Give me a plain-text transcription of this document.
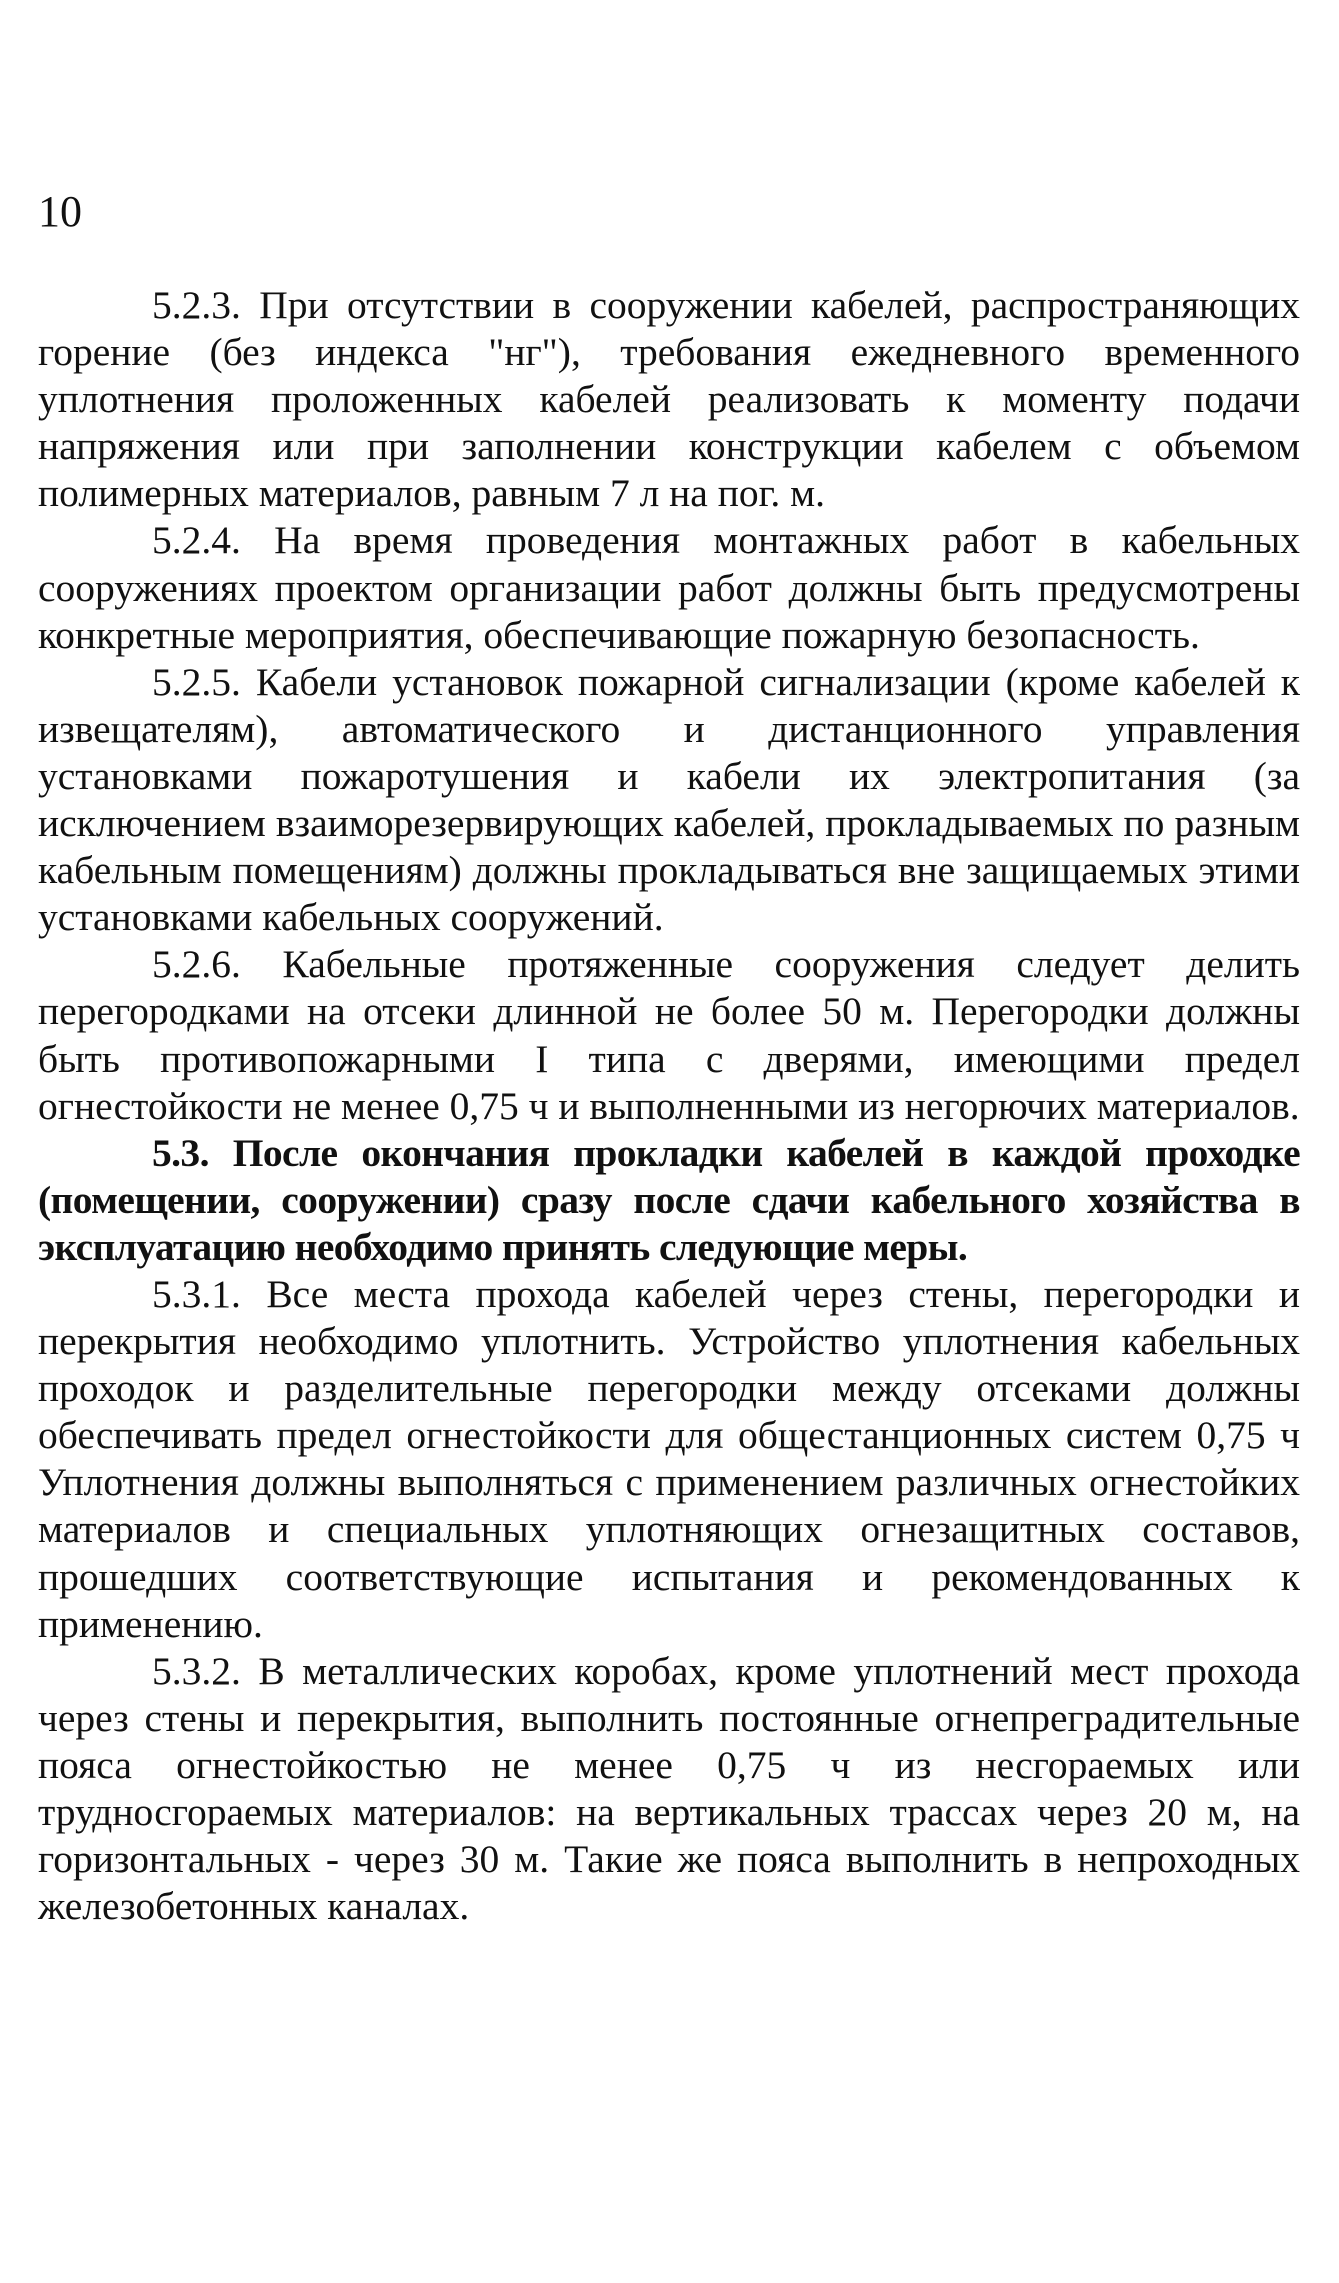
10

5.2.3. При отсутствии в сооружении кабелей, распространяющих горение (без индекса "нг"), требования ежедневного временного уплотнения проложенных кабелей реализовать к моменту подачи напряжения или при заполнении конструкции кабелем с объемом полимерных материалов, равным 7 л на пог. м.

5.2.4. На время проведения монтажных работ в кабельных сооружениях проектом организации работ должны быть предусмотрены конкретные мероприятия, обеспечивающие пожарную безопасность.

5.2.5. Кабели установок пожарной сигнализации (кроме кабелей к извещателям), автоматического и дистанционного управления установками пожаротушения и кабели их электропитания (за исключением взаиморезервирующих кабелей, прокладываемых по разным кабельным помещениям) должны прокладываться вне защищаемых этими установками кабельных сооружений.

5.2.6. Кабельные протяженные сооружения следует делить перегородками на отсеки длинной не более 50 м. Перегородки должны быть противопожарными I типа с дверями, имеющими предел огнестойкости не менее 0,75 ч и выполненными из негорючих материалов.

5.3. После окончания прокладки кабелей в каждой проходке (помещении, сооружении) сразу после сдачи кабельного хозяйства в эксплуатацию необходимо принять следующие меры.

5.3.1. Все места прохода кабелей через стены, перегородки и перекрытия необходимо уплотнить. Устройство уплотнения кабельных проходок и разделительные перегородки между отсеками должны обеспечивать предел огнестойкости для общестанционных систем 0,75 ч Уплотнения должны выполняться с применением различных огнестойких материалов и специальных уплотняющих огнезащитных составов, прошедших соответствующие испытания и рекомендованных к применению.

5.3.2. В металлических коробах, кроме уплотнений мест прохода через стены и перекрытия, выполнить постоянные огнепреградительные пояса огнестойкостью не менее 0,75 ч из несгораемых или трудносгораемых материалов: на вертикальных трассах через 20 м, на горизонтальных - через 30 м. Такие же пояса выполнить в непроходных железобетонных каналах.
